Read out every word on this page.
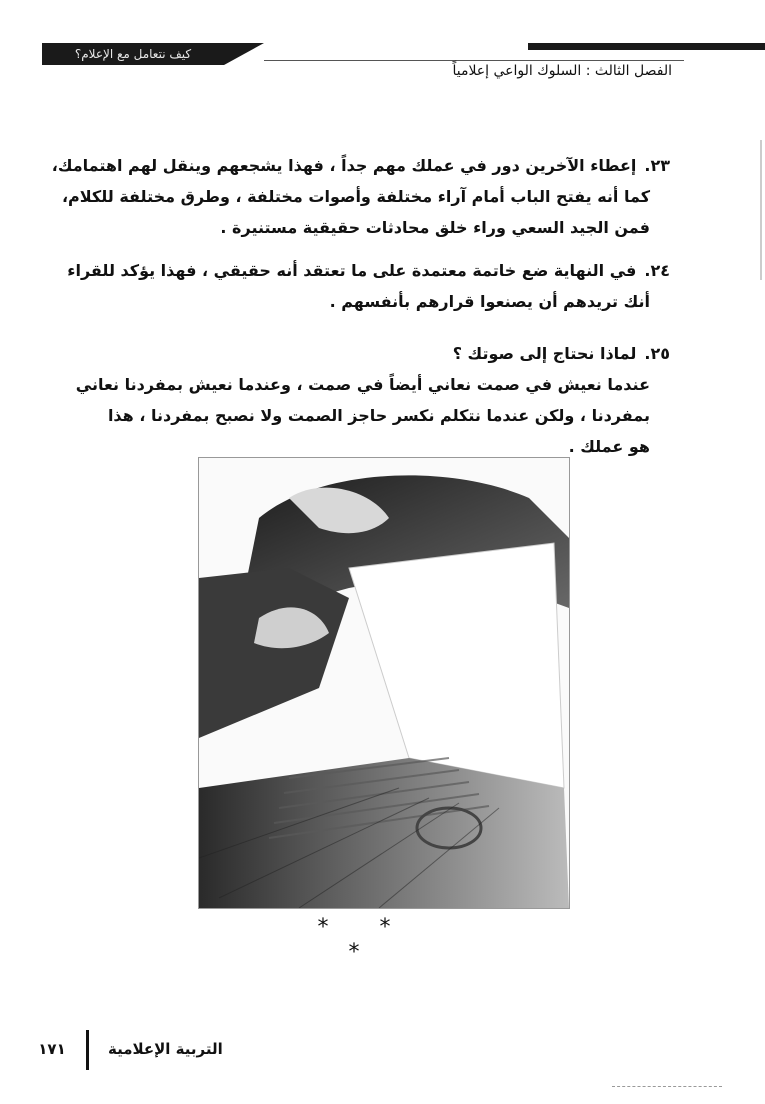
كيف نتعامل مع الإعلام؟
الفصل الثالث : السلوك الواعي إعلامياً
٢٣.إعطاء الآخرين دور في عملك مهم جداً ، فهذا يشجعهم وينقل لهم اهتمامك،
كما أنه يفتح الباب أمام آراء مختلفة وأصوات مختلفة ، وطرق مختلفة للكلام،
فمن الجيد السعي وراء خلق محادثات حقيقية مستنيرة .
٢٤.في النهاية ضع خاتمة معتمدة على ما تعتقد أنه حقيقي ، فهذا يؤكد للقراء
أنك تريدهم أن يصنعوا قرارهم بأنفسهم .
٢٥.لماذا نحتاج إلى صوتك ؟
عندما نعيش في صمت نعاني أيضاً في صمت ، وعندما نعيش بمفردنا نعاني
بمفردنا ، ولكن عندما نتكلم نكسر حاجز الصمت ولا نصبح بمفردنا ، هذا
هو عملك .
* * *
التربية الإعلامية
١٧١
